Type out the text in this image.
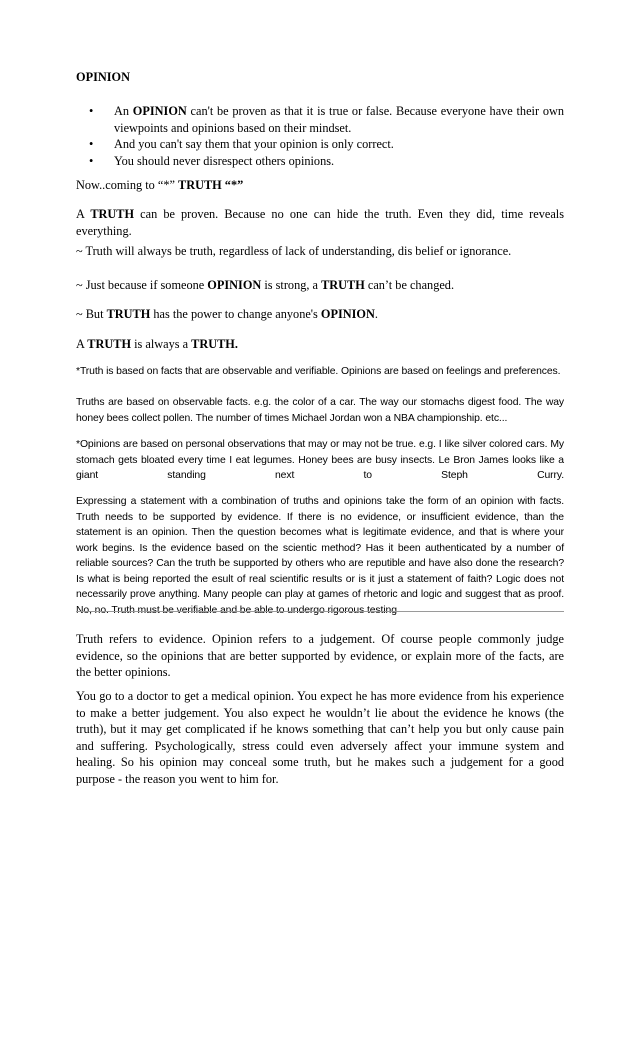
OPINION

• An OPINION can't be proven as that it is true or false. Because everyone have their own viewpoints and opinions based on their mindset.
• And you can't say them that your opinion is only correct.
• You should never disrespect others opinions.

Now..coming to “*” TRUTH “*”

A TRUTH can be proven. Because no one can hide the truth. Even they did, time reveals everything.

~ Truth will always be truth, regardless of lack of understanding, dis belief or ignorance.

~ Just because if someone OPINION is strong, a TRUTH can’t be changed.

~ But TRUTH has the power to change anyone's OPINION.

A TRUTH is always a TRUTH.

*Truth is based on facts that are observable and verifiable. Opinions are based on feelings and preferences.

Truths are based on observable facts. e.g. the color of a car. The way our stomachs digest food. The way honey bees collect pollen. The number of times Michael Jordan won a NBA championship. etc...

*Opinions are based on personal observations that may or may not be true. e.g. I like silver colored cars. My stomach gets bloated every time I eat legumes. Honey bees are busy insects. Le Bron James looks like a giant standing next to Steph Curry.

Expressing a statement with a combination of truths and opinions take the form of an opinion with facts. Truth needs to be supported by evidence. If there is no evidence, or insufficient evidence, than the statement is an opinion. Then the question becomes what is legitimate evidence, and that is where your work begins. Is the evidence based on the scientic method? Has it been authenticated by a number of reliable sources? Can the truth be supported by others who are reputible and have also done the research? Is what is being reported the esult of real scientific results or is it just a statement of faith? Logic does not necessarily prove anything. Many people can play at games of rhetoric and logic and suggest that as proof. No, no. Truth must be verifiable and be able to undergo rigorous testing

Truth refers to evidence. Opinion refers to a judgement. Of course people commonly judge evidence, so the opinions that are better supported by evidence, or explain more of the facts, are the better opinions.

You go to a doctor to get a medical opinion. You expect he has more evidence from his experience to make a better judgement. You also expect he wouldn’t lie about the evidence he knows (the truth), but it may get complicated if he knows something that can’t help you but only cause pain and suffering. Psychologically, stress could even adversely affect your immune system and healing. So his opinion may conceal some truth, but he makes such a judgement for a good purpose - the reason you went to him for.
